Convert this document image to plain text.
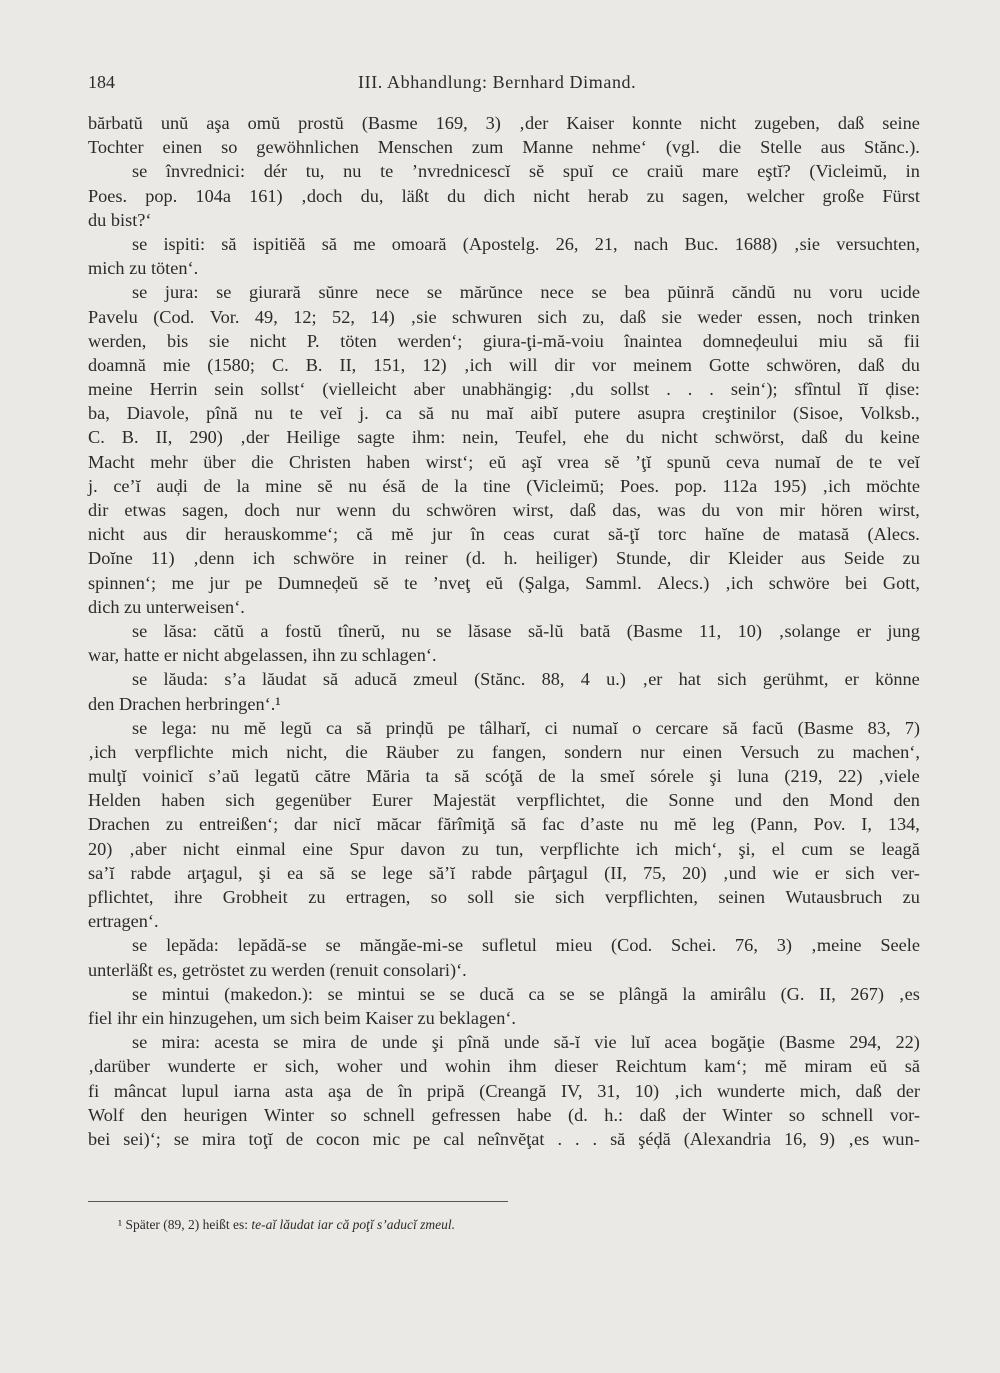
184	III. Abhandlung: Bernhard Dimand.
bărbatŭ unŭ aşa omŭ prostŭ (Basme 169, 3) ‚der Kaiser konnte nicht zugeben, daß seine
Tochter einen so gewöhnlichen Menschen zum Manne nehme‘ (vgl. die Stelle aus Stănc.).
se învrednici: dér tu, nu te ’nvrednicescĭ sĕ spuĭ ce craiŭ mare eştĭ? (Vicleimŭ, in
Poes. pop. 104a 161) ‚doch du, läßt du dich nicht herab zu sagen, welcher große Fürst
du bist?‘
se ispiti: să ispitiĕă să me omoară (Apostelg. 26, 21, nach Buc. 1688) ‚sie versuchten,
mich zu töten‘.
se jura: se giurară sŭnre nece se mărŭnce nece se bea pŭinră căndŭ nu voru ucide
Pavelu (Cod. Vor. 49, 12; 52, 14) ‚sie schwuren sich zu, daß sie weder essen, noch trinken
werden, bis sie nicht P. töten werden‘; giura-ţi-mă-voiu înaintea domneḑeului miu să fii
doamnă mie (1580; C. B. II, 151, 12) ‚ich will dir vor meinem Gotte schwören, daß du
meine Herrin sein sollst‘ (vielleicht aber unabhängig: ‚du sollst . . . sein‘); sfîntul ĭĭ ḑise:
ba, Diavole, pînă nu te veĭ j. ca să nu maĭ aibĭ putere asupra creştinilor (Sisoe, Volksb.,
C. B. II, 290) ‚der Heilige sagte ihm: nein, Teufel, ehe du nicht schwörst, daß du keine
Macht mehr über die Christen haben wirst‘; eŭ aşĭ vrea sĕ ’ţĭ spunŭ ceva numaĭ de te veĭ
j. ce’ĭ auḑi de la mine sĕ nu ésă de la tine (Vicleimŭ; Poes. pop. 112a 195) ‚ich möchte
dir etwas sagen, doch nur wenn du schwören wirst, daß das, was du von mir hören wirst,
nicht aus dir herauskomme‘; că mĕ jur în ceas curat să-ţĭ torc haĭne de matasă (Alecs.
Doĭne 11) ‚denn ich schwöre in reiner (d. h. heiliger) Stunde, dir Kleider aus Seide zu
spinnen‘; me jur pe Dumneḑeŭ sĕ te ’nveţ eŭ (Şalga, Samml. Alecs.) ‚ich schwöre bei Gott,
dich zu unterweisen‘.
se lăsa: cătŭ a fostŭ tînerŭ, nu se lăsase să-lŭ bată (Basme 11, 10) ‚solange er jung
war, hatte er nicht abgelassen, ihn zu schlagen‘.
se lăuda: s’a lăudat să aducă zmeul (Stănc. 88, 4 u.) ‚er hat sich gerühmt, er könne
den Drachen herbringen‘.¹
se lega: nu mĕ legŭ ca să prinḑŭ pe tâlharĭ, ci numaĭ o cercare să facŭ (Basme 83, 7)
‚ich verpflichte mich nicht, die Räuber zu fangen, sondern nur einen Versuch zu machen‘,
mulţĭ voinicĭ s’aŭ legatŭ către Măria ta să scóţă de la smeĭ sórele şi luna (219, 22) ‚viele
Helden haben sich gegenüber Eurer Majestät verpflichtet, die Sonne und den Mond den
Drachen zu entreißen‘; dar nicĭ măcar fărîmiţă să fac d’aste nu mĕ leg (Pann, Pov. I, 134,
20) ‚aber nicht einmal eine Spur davon zu tun, verpflichte ich mich‘, şi, el cum se leagă
sa’ĭ rabde arţagul, şi ea să se lege să’ĭ rabde pârţagul (II, 75, 20) ‚und wie er sich ver-
pflichtet, ihre Grobheit zu ertragen, so soll sie sich verpflichten, seinen Wutausbruch zu
ertragen‘.
se lepăda: lepădă-se se măngăe-mi-se sufletul mieu (Cod. Schei. 76, 3) ‚meine Seele
unterläßt es, getröstet zu werden (renuit consolari)‘.
se mintui (makedon.): se mintui se se ducă ca se se plângă la amirâlu (G. II, 267) ‚es
fiel ihr ein hinzugehen, um sich beim Kaiser zu beklagen‘.
se mira: acesta se mira de unde şi pînă unde să-ĭ vie luĭ acea bogăţie (Basme 294, 22)
‚darüber wunderte er sich, woher und wohin ihm dieser Reichtum kam‘; mĕ miram eŭ să
fi mâncat lupul iarna asta aşa de în pripă (Creangă IV, 31, 10) ‚ich wunderte mich, daß der
Wolf den heurigen Winter so schnell gefressen habe (d. h.: daß der Winter so schnell vor-
bei sei)‘; se mira toţĭ de cocon mic pe cal neînvĕţat . . . să şéḑă (Alexandria 16, 9) ‚es wun-
¹ Später (89, 2) heißt es: te-aĭ lăudat iar că poţĭ s’aducĭ zmeul.
